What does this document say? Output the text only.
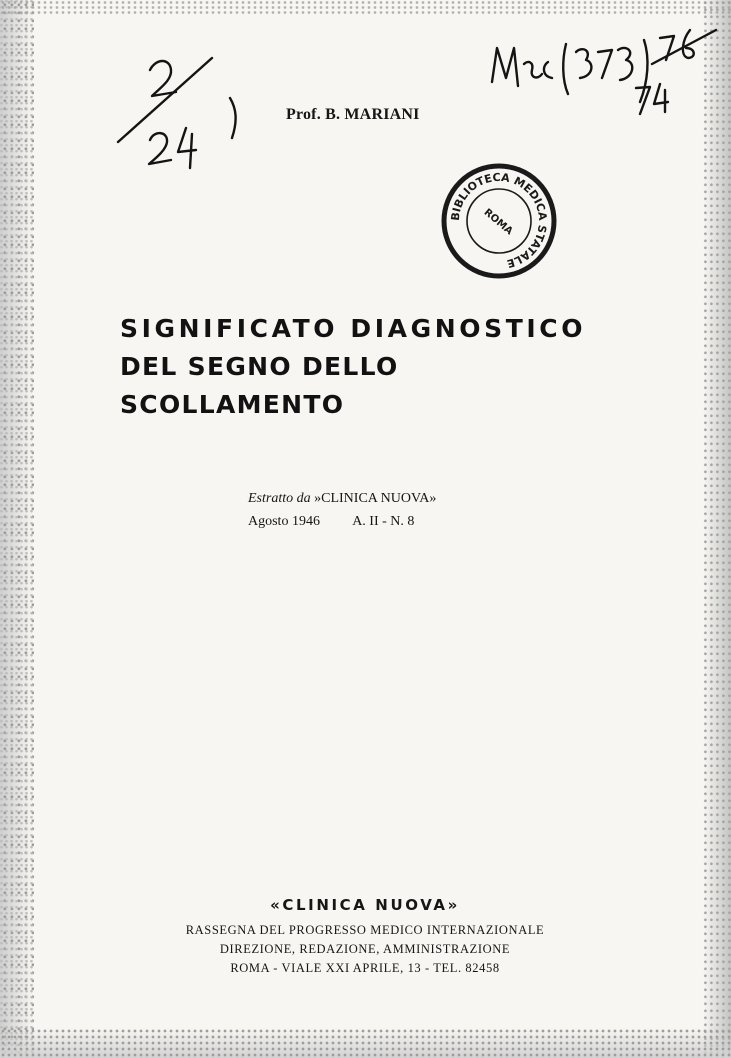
Prof. B. MARIANI
BIBLIOTECA MEDICA STATALE
ROMA
SIGNIFICATO DIAGNOSTICO
DEL SEGNO DELLO SCOLLAMENTO
Estratto da »CLINICA NUOVA»
Agosto 1946 A. II - N. 8
«CLINICA NUOVA»
RASSEGNA DEL PROGRESSO MEDICO INTERNAZIONALE
DIREZIONE, REDAZIONE, AMMINISTRAZIONE
ROMA - VIALE XXI APRILE, 13 - TEL. 82458
